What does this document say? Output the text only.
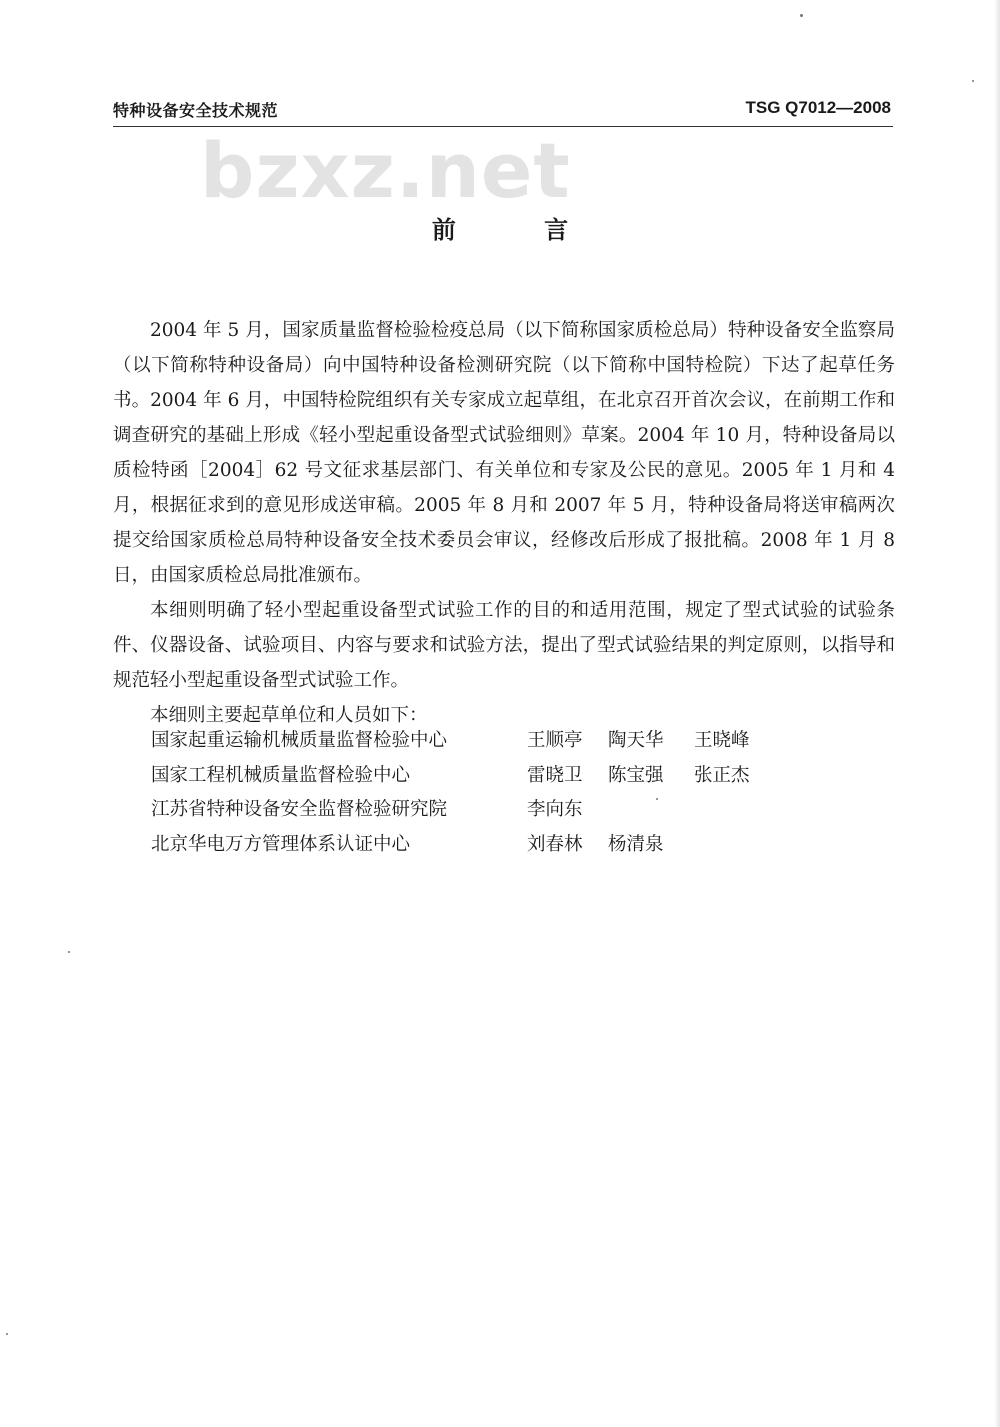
特种设备安全技术规范	TSG Q7012—2008
bzxz.net
前 言

2004 年 5 月，国家质量监督检验检疫总局（以下简称国家质检总局）特种设备安全监察局（以下简称特种设备局）向中国特种设备检测研究院（以下简称中国特检院）下达了起草任务书。2004 年 6 月，中国特检院组织有关专家成立起草组，在北京召开首次会议，在前期工作和调查研究的基础上形成《轻小型起重设备型式试验细则》草案。2004 年 10 月，特种设备局以质检特函［2004］62 号文征求基层部门、有关单位和专家及公民的意见。2005 年 1 月和 4 月，根据征求到的意见形成送审稿。2005 年 8 月和 2007 年 5 月，特种设备局将送审稿两次提交给国家质检总局特种设备安全技术委员会审议，经修改后形成了报批稿。2008 年 1 月 8 日，由国家质检总局批准颁布。

本细则明确了轻小型起重设备型式试验工作的目的和适用范围，规定了型式试验的试验条件、仪器设备、试验项目、内容与要求和试验方法，提出了型式试验结果的判定原则，以指导和规范轻小型起重设备型式试验工作。

本细则主要起草单位和人员如下：

国家起重运输机械质量监督检验中心	王顺亭 陶天华 王晓峰
国家工程机械质量监督检验中心	雷晓卫 陈宝强 张正杰
江苏省特种设备安全监督检验研究院	李向东
北京华电万方管理体系认证中心	刘春林 杨清泉
